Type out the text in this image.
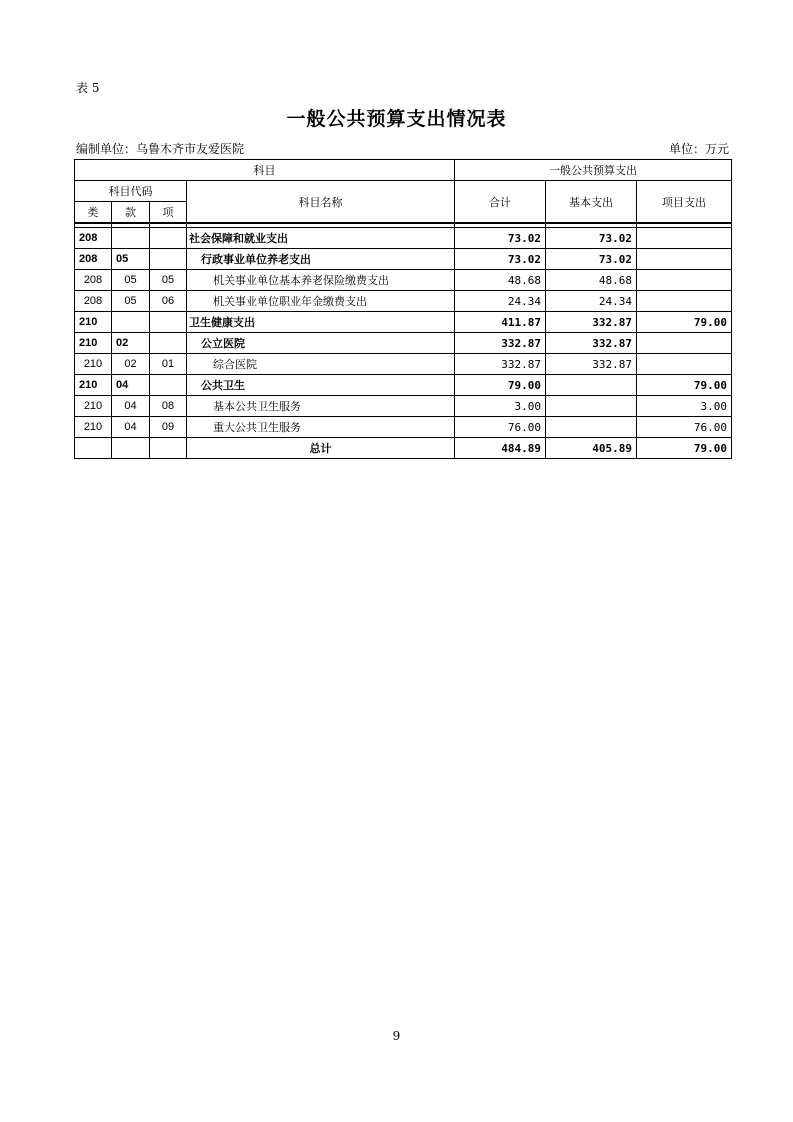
表 5
一般公共预算支出情况表
编制单位：乌鲁木齐市友爱医院	单位：万元
科目				一般公共预算支出		
科目代码			科目名称	合计	基本支出	项目支出
类	款	项				

208			社会保障和就业支出	73.02	73.02	
208	05		行政事业单位养老支出	73.02	73.02	
208	05	05	机关事业单位基本养老保险缴费支出	48.68	48.68	
208	05	06	机关事业单位职业年金缴费支出	24.34	24.34	
210			卫生健康支出	411.87	332.87	79.00
210	02		公立医院	332.87	332.87	
210	02	01	综合医院	332.87	332.87	
210	04		公共卫生	79.00		79.00
210	04	08	基本公共卫生服务	3.00		3.00
210	04	09	重大公共卫生服务	76.00		76.00
			总计	484.89	405.89	79.00
9
